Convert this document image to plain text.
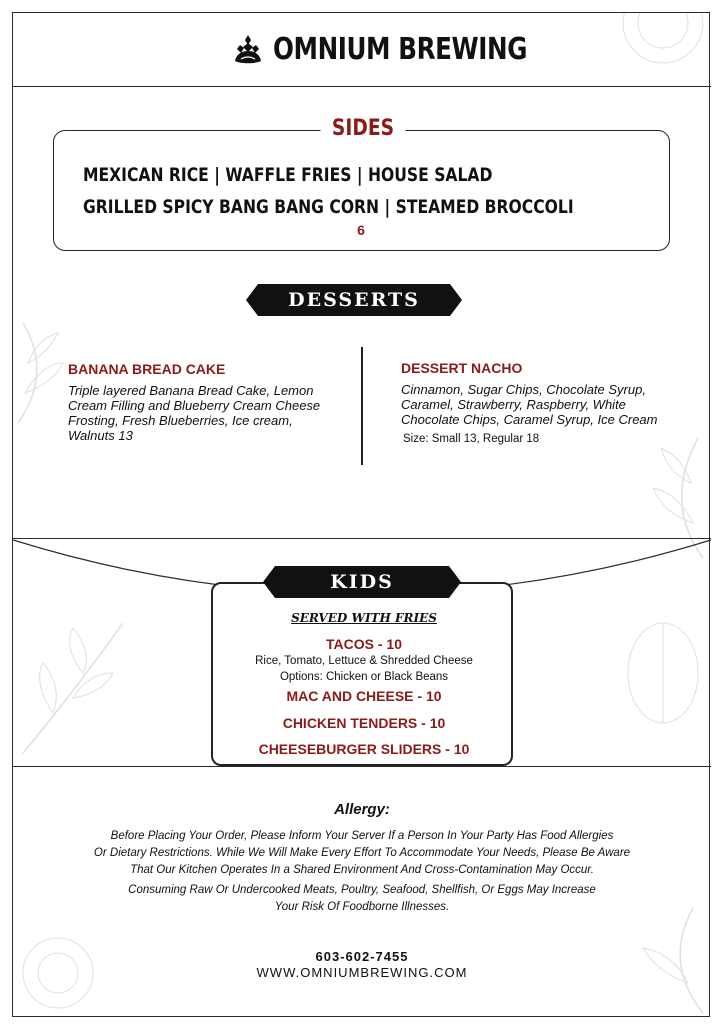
OMNIUM BREWING
SIDES
MEXICAN RICE | WAFFLE FRIES | HOUSE SALAD
GRILLED SPICY BANG BANG CORN | STEAMED BROCCOLI
6
DESSERTS
BANANA BREAD CAKE
Triple layered Banana Bread Cake, Lemon
Cream Filling and Blueberry Cream Cheese
Frosting, Fresh Blueberries, Ice cream,
Walnuts 13
DESSERT NACHO
Cinnamon, Sugar Chips, Chocolate Syrup,
Caramel, Strawberry, Raspberry, White
Chocolate Chips, Caramel Syrup, Ice Cream
Size: Small 13, Regular 18
SERVED WITH FRIES
TACOS - 10
Rice, Tomato, Lettuce & Shredded Cheese
Options: Chicken or Black Beans
MAC AND CHEESE - 10
CHICKEN TENDERS - 10
CHEESEBURGER SLIDERS - 10
KIDS
Allergy:
Before Placing Your Order, Please Inform Your Server If a Person In Your Party Has Food Allergies
Or Dietary Restrictions. While We Will Make Every Effort To Accommodate Your Needs, Please Be Aware
That Our Kitchen Operates In a Shared Environment And Cross-Contamination May Occur.
Consuming Raw Or Undercooked Meats, Poultry, Seafood, Shellfish, Or Eggs May Increase
Your Risk Of Foodborne Illnesses.
603-602-7455
WWW.OMNIUMBREWING.COM
